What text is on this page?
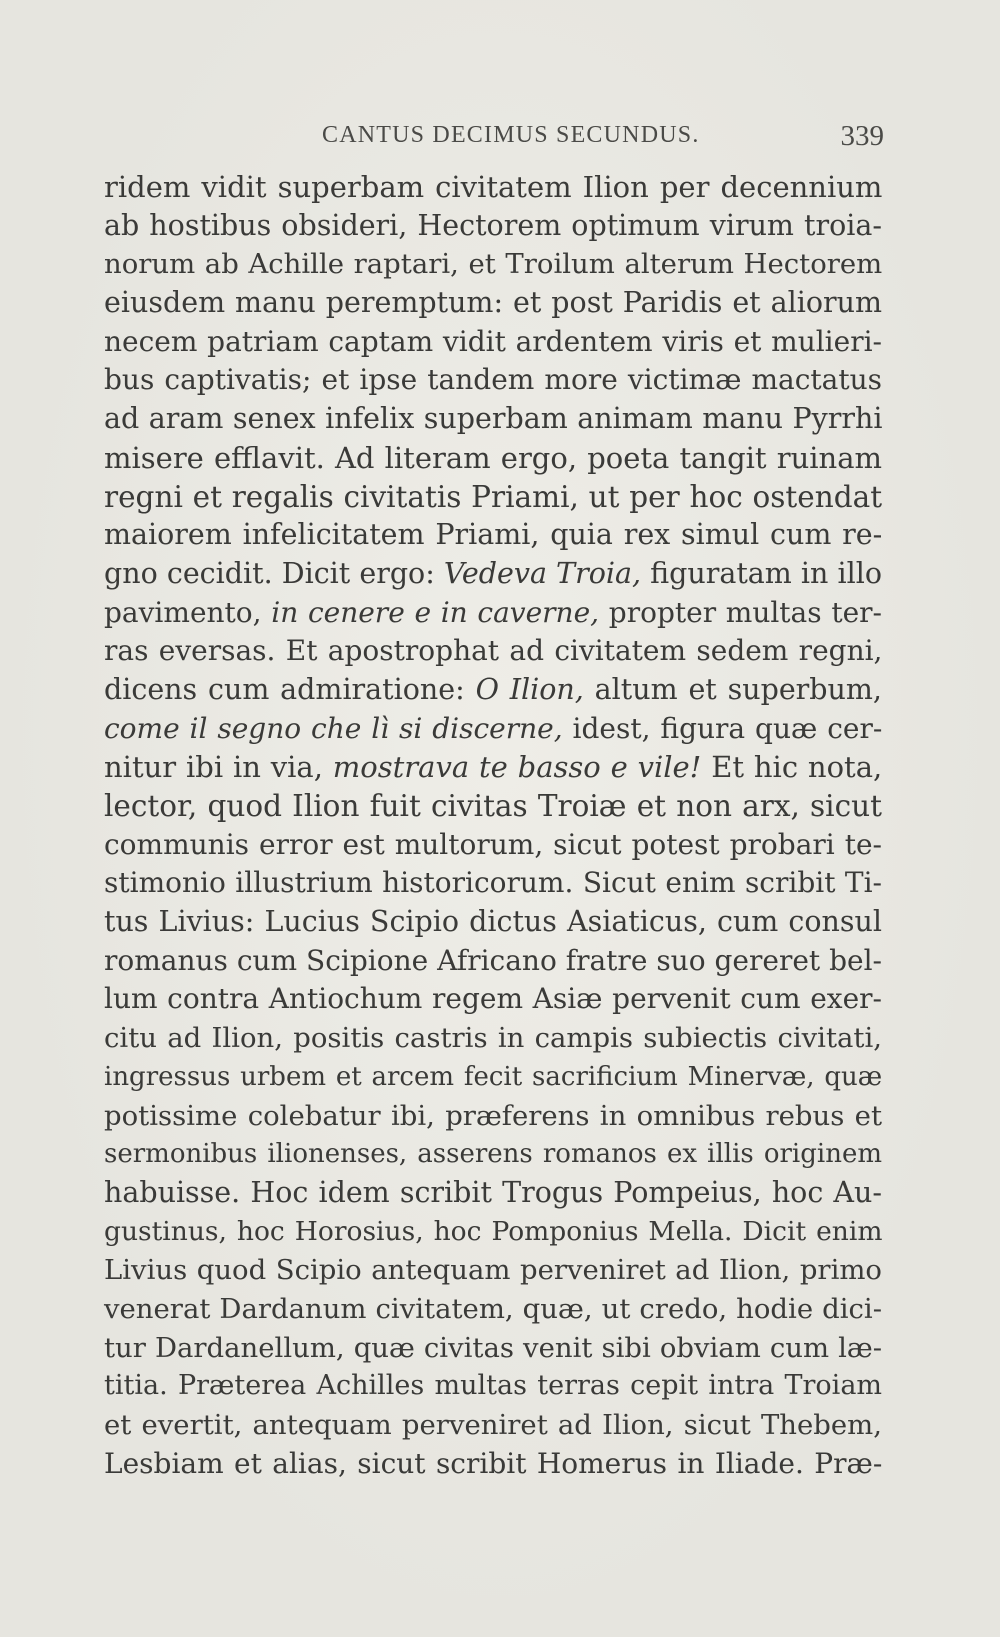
CANTUS DECIMUS SECUNDUS.	339
ridem vidit superbam civitatem Ilion per decennium
ab hostibus obsideri, Hectorem optimum virum troia-
norum ab Achille raptari, et Troilum alterum Hectorem
eiusdem manu peremptum: et post Paridis et aliorum
necem patriam captam vidit ardentem viris et mulieri-
bus captivatis; et ipse tandem more victimæ mactatus
ad aram senex infelix superbam animam manu Pyrrhi
misere efflavit. Ad literam ergo, poeta tangit ruinam
regni et regalis civitatis Priami, ut per hoc ostendat
maiorem infelicitatem Priami, quia rex simul cum re-
gno cecidit. Dicit ergo: Vedeva Troia, figuratam in illo
pavimento, in cenere e in caverne, propter multas ter-
ras eversas. Et apostrophat ad civitatem sedem regni,
dicens cum admiratione: O Ilion, altum et superbum,
come il segno che lì si discerne, idest, figura quæ cer-
nitur ibi in via, mostrava te basso e vile! Et hic nota,
lector, quod Ilion fuit civitas Troiæ et non arx, sicut
communis error est multorum, sicut potest probari te-
stimonio illustrium historicorum. Sicut enim scribit Ti-
tus Livius: Lucius Scipio dictus Asiaticus, cum consul
romanus cum Scipione Africano fratre suo gereret bel-
lum contra Antiochum regem Asiæ pervenit cum exer-
citu ad Ilion, positis castris in campis subiectis civitati,
ingressus urbem et arcem fecit sacrificium Minervæ, quæ
potissime colebatur ibi, præferens in omnibus rebus et
sermonibus ilionenses, asserens romanos ex illis originem
habuisse. Hoc idem scribit Trogus Pompeius, hoc Au-
gustinus, hoc Horosius, hoc Pomponius Mella. Dicit enim
Livius quod Scipio antequam perveniret ad Ilion, primo
venerat Dardanum civitatem, quæ, ut credo, hodie dici-
tur Dardanellum, quæ civitas venit sibi obviam cum læ-
titia. Præterea Achilles multas terras cepit intra Troiam
et evertit, antequam perveniret ad Ilion, sicut Thebem,
Lesbiam et alias, sicut scribit Homerus in Iliade. Præ-
